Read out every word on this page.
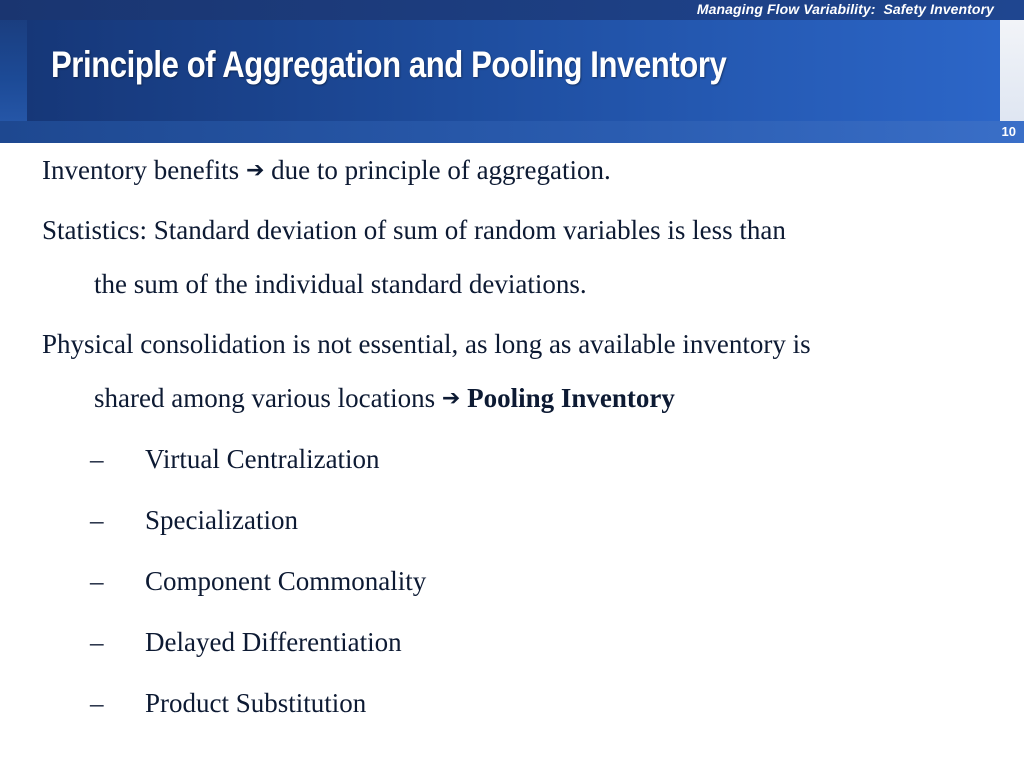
Managing Flow Variability:  Safety Inventory
Principle of Aggregation and Pooling Inventory
10
Inventory benefits ➔ due to principle of aggregation.
Statistics: Standard deviation of sum of random variables is less than
the sum of the individual standard deviations.
Physical consolidation is not essential, as long as available inventory is
shared among various locations ➔ Pooling Inventory
– Virtual Centralization
– Specialization
– Component Commonality
– Delayed Differentiation
– Product Substitution
